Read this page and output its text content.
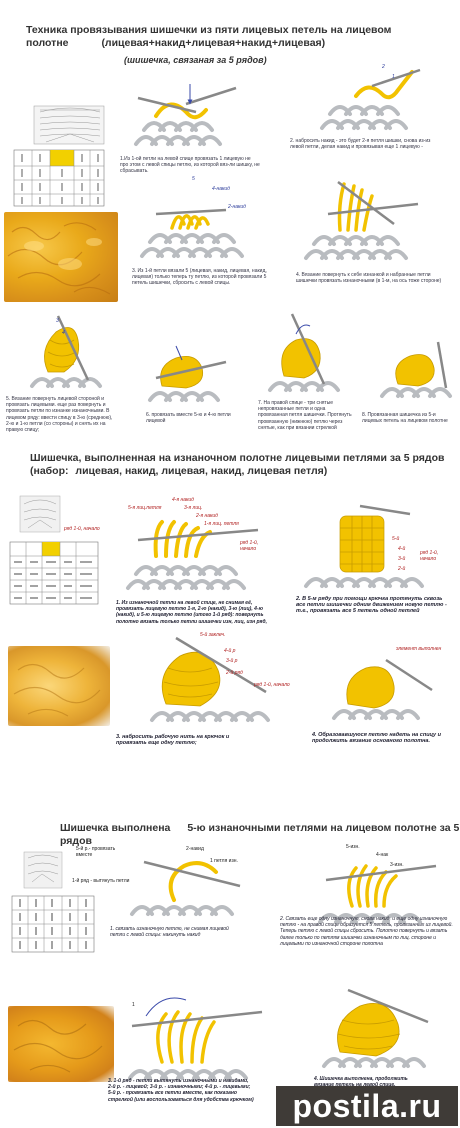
Техника провязывания шишечки из пяти лицевых петель на лицевом
полотне	(лицевая+накид+лицевая+накид+лицевая)
(шишечка, связаная за 5 рядов)
1.Из 1-ой петли на левой спице провязать 1 лицевую не про этом с левой спицы петлю, из которой вяз-ли шишку, не сбрасывать.
2
1
2. набросить накид - это будет 2-я петля шишки, снова из-из левой петли, делая накид и провязывая еще 1 лицевую -
5
4-накид
2-накид
3. Из 1-й петли вязали 5 (лицевая, накид, лицевая, накид, лицевая) только теперь ту петлю, из которой провязали 5 петель шишечки, сбросить с левой спицы.
4. Вязание повернуть к себе изнанкой и набранные петли шишечки провязать изнаночными (в 1-м, на ось тоже стороне)
3
4
5. Вязание повернуть лицевой стороной и провязать лицевыми. еще раз повернуть и провязать петли по изнанке изнаночными. В лицевом ряду: ввести спицу в 3-ю (среднюю), 2-ю и 1-ю петли (со стороны) и снять их на правую спицу;
6. провязать вместе 5-ю и 4-ю петли лицевой
7. На правой спице - три снятые непровязанные петли и одна провязанная петля шишечки. Протянуть провязанную (нижнюю) петлю через снятые, как при вязании стрелкой
8. Провязанная шишечка из 5-и лицевых петель на лицевом полотне
Шишечка, выполненная на изнаночном полотне лицевыми петлями за 5 рядов
(набор: лицевая, накид, лицевая, накид, лицевая петля)
ряд 1-й, начало
5-я лиц.петля
4-я накид
3-я лиц.
2-я накид
1-я лиц. петля
ряд 1-й, начало
1. Из изнаночной петли на левой спице, не снимая её, провязать лицевую петлю 1-я, 2-ю (накид), 3-ю (лиц), 4-ю (накид), и 5-ю лицевую петлю (итого 1-й ряд): повернуть полотно вязать только петли шишечки изн, лиц, изн ряд,
5-й
4-й
3-й
2-й
ряд 1-й, начало
2. В 5-м ряду при помощи крючка протянуть сквозь все петли шишечки одним движением новую петлю - т.е., провязать все 5 петель одной петлей
5-й заклеч.
4-й р
3-й р
2-й ряд
ряд 1-й, начало
3. набросить рабочую нить на крючок и провязать еще одну петлю;
элемент выполнен
4. Образовавшуюся петлю надеть на спицу и продолжить вязание основного полотна.
Шишечка выполнена 5-ю изнаночными петлями на лицевом полотне за 5 рядов
5-й р.- провязать вместе
1-й ряд - вытянуть петли
2-накид
1 петля изн.
1. связать изнаночную петлю, не снимая лицевой петли с левой спицы: накинуть накид
5-изн.
4-нак
3-изн.
2. Связать еще одну изнаночную, снова накид, и еще одну изнаночную петлю - на правой спице образуется 5 петель, провязанных из лицевой. Теперь петлю с левой спицы сбросить. Полотно повернуть и вязать далее только по петлям шишечки изнаночным по лиц. стороне и лицевыми по изнаночной стороне полотна
1
3. 1-й ряд - петли вытянуть изнаночными и накидами, 2-й р. - лицевой; 3-й р. - изнаночными; 4-й р. - лицевыми; 5-й р. - провязать все петли вместе, как показано стрелкой (или воспользоваться для удобства крючком)
4. Шишечка выполнена, продолжить
postila.ru
